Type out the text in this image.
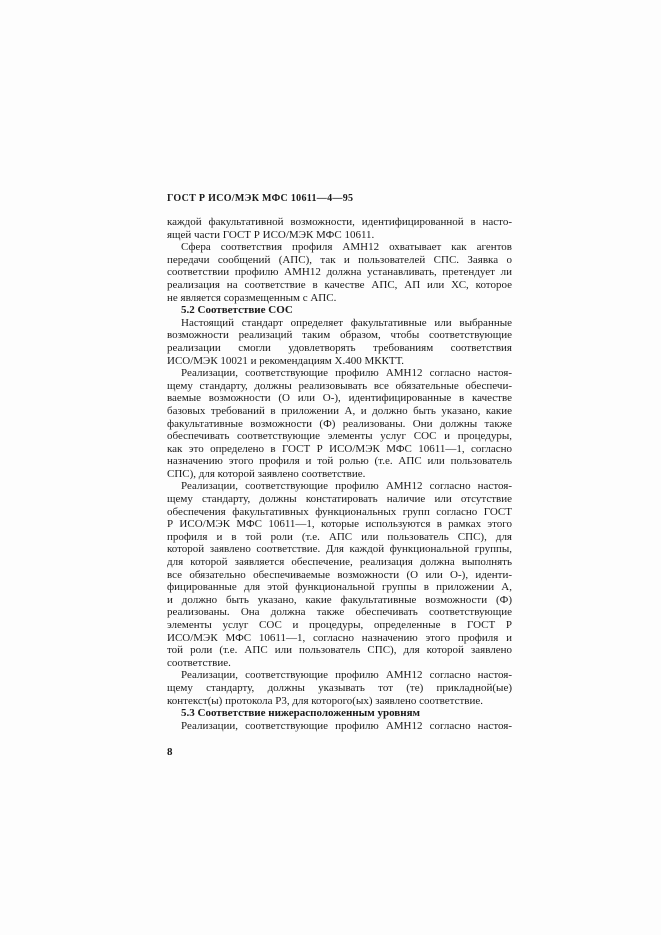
ГОСТ Р ИСО/МЭК МФС 10611—4—95
каждой факультативной возможности, идентифицированной в насто-
ящей части ГОСТ Р ИСО/МЭК МФС 10611.
Сфера соответствия профиля АМН12 охватывает как агентов
передачи сообщений (АПС), так и пользователей СПС. Заявка о
соответствии профилю АМН12 должна устанавливать, претендует ли
реализация на соответствие в качестве АПС, АП или ХС, которое
не является соразмещенным с АПС.
5.2 Соответствие СОС
Настоящий стандарт определяет факультативные или выбранные
возможности реализаций таким образом, чтобы соответствующие
реализации смогли удовлетворять требованиям соответствия
ИСО/МЭК 10021 и рекомендациям Х.400 МККТТ.
Реализации, соответствующие профилю АМН12 согласно настоя-
щему стандарту, должны реализовывать все обязательные обеспечи-
ваемые возможности (О или О-), идентифицированные в качестве
базовых требований в приложении А, и должно быть указано, какие
факультативные возможности (Ф) реализованы. Они должны также
обеспечивать соответствующие элементы услуг СОС и процедуры,
как это определено в ГОСТ Р ИСО/МЭК МФС 10611—1, согласно
назначению этого профиля и той ролью (т.е. АПС или пользователь
СПС), для которой заявлено соответствие.
Реализации, соответствующие профилю АМН12 согласно настоя-
щему стандарту, должны констатировать наличие или отсутствие
обеспечения факультативных функциональных групп согласно ГОСТ
Р ИСО/МЭК МФС 10611—1, которые используются в рамках этого
профиля и в той роли (т.е. АПС или пользователь СПС), для
которой заявлено соответствие. Для каждой функциональной группы,
для которой заявляется обеспечение, реализация должна выполнять
все обязательно обеспечиваемые возможности (О или О-), иденти-
фицированные для этой функциональной группы в приложении А,
и должно быть указано, какие факультативные возможности (Ф)
реализованы. Она должна также обеспечивать соответствующие
элементы услуг СОС и процедуры, определенные в ГОСТ Р
ИСО/МЭК МФС 10611—1, согласно назначению этого профиля и
той роли (т.е. АПС или пользователь СПС), для которой заявлено
соответствие.
Реализации, соответствующие профилю АМН12 согласно настоя-
щему стандарту, должны указывать тот (те) прикладной(ые)
контекст(ы) протокола Р3, для которого(ых) заявлено соответствие.
5.3 Соответствие нижерасположенным уровням
Реализации, соответствующие профилю АМН12 согласно настоя-
8
